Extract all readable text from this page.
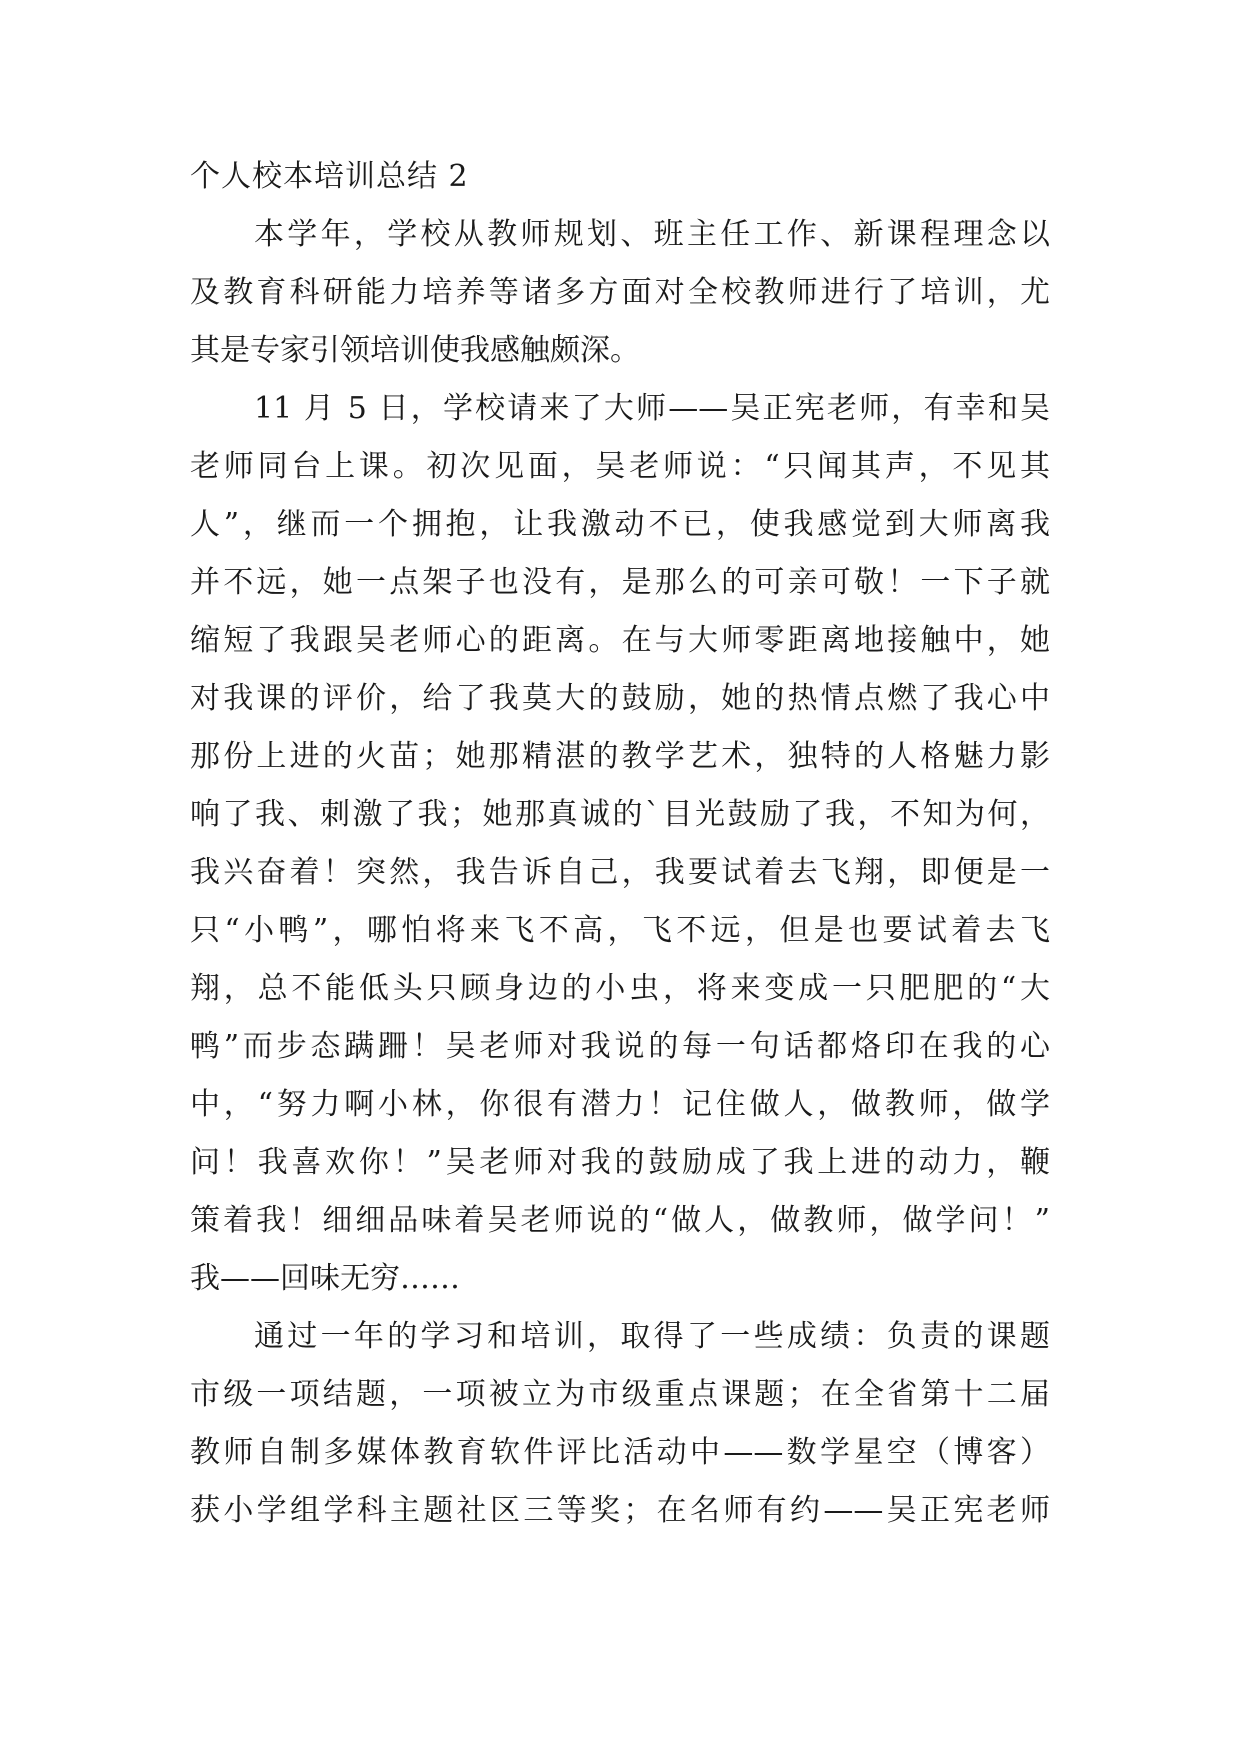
个人校本培训总结 2
本学年，学校从教师规划、班主任工作、新课程理念以
及教育科研能力培养等诸多方面对全校教师进行了培训，尤
其是专家引领培训使我感触颇深。
11 月 5 日，学校请来了大师——吴正宪老师，有幸和吴
老师同台上课。初次见面，吴老师说：“只闻其声，不见其
人”，继而一个拥抱，让我激动不已，使我感觉到大师离我
并不远，她一点架子也没有，是那么的可亲可敬！一下子就
缩短了我跟吴老师心的距离。在与大师零距离地接触中，她
对我课的评价，给了我莫大的鼓励，她的热情点燃了我心中
那份上进的火苗；她那精湛的教学艺术，独特的人格魅力影
响了我、刺激了我；她那真诚的`目光鼓励了我，不知为何，
我兴奋着！突然，我告诉自己，我要试着去飞翔，即便是一
只“小鸭”，哪怕将来飞不高，飞不远，但是也要试着去飞
翔，总不能低头只顾身边的小虫，将来变成一只肥肥的“大
鸭”而步态蹒跚！吴老师对我说的每一句话都烙印在我的心
中，“努力啊小林，你很有潜力！记住做人，做教师，做学
问！我喜欢你！”吴老师对我的鼓励成了我上进的动力，鞭
策着我！细细品味着吴老师说的“做人，做教师，做学问！”
我——回味无穷……
通过一年的学习和培训，取得了一些成绩：负责的课题
市级一项结题，一项被立为市级重点课题；在全省第十二届
教师自制多媒体教育软件评比活动中——数学星空（博客）
获小学组学科主题社区三等奖；在名师有约——吴正宪老师
